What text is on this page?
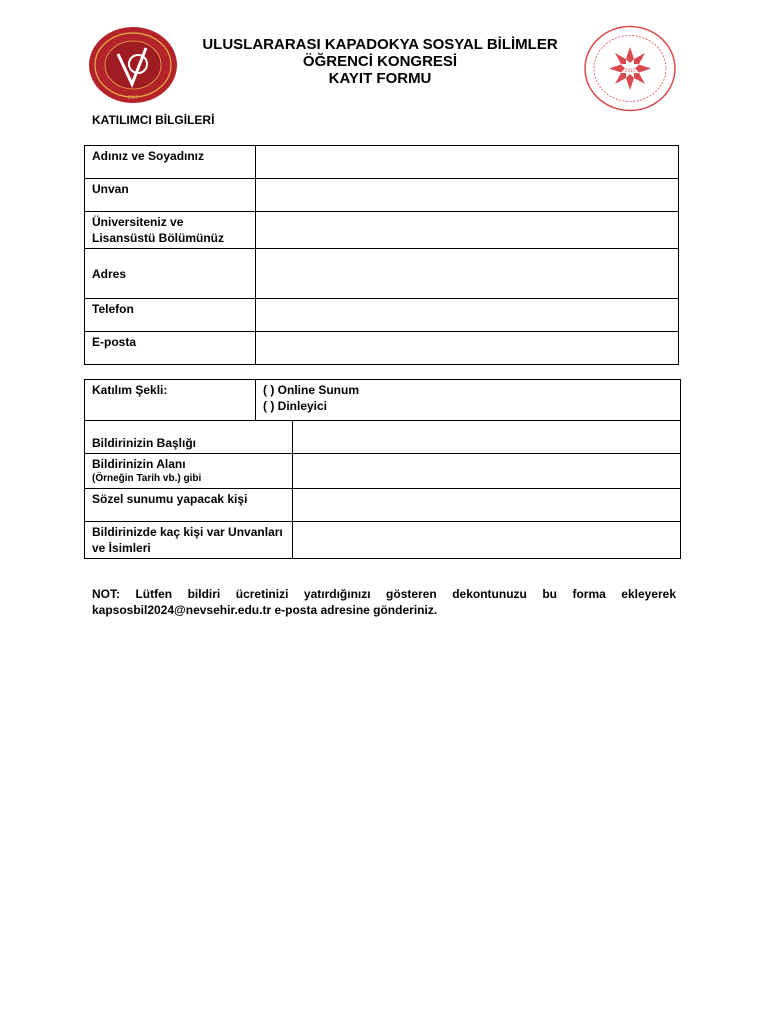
2007
2015
ULUSLARARASI KAPADOKYA SOSYAL BİLİMLER
ÖĞRENCİ KONGRESİ
KAYIT FORMU
KATILIMCI BİLGİLERİ
Adınız ve Soyadınız	
Unvan	
Üniversiteniz ve Lisansüstü Bölümünüz	
Adres	
Telefon	
E-posta	
Katılım Şekli:	( ) Online Sunum
( ) Dinleyici	

Bildirinizin Başlığı		
Bildirinizin Alanı
(Örneğin Tarih vb.) gibi		

Sözel sunumu yapacak kişi		
Bildirinizde kaç kişi var Unvanları ve İsimleri		
NOT: Lütfen bildiri ücretinizi yatırdığınızı gösteren dekontunuzu bu forma ekleyerek kapsosbil2024@nevsehir.edu.tr e-posta adresine gönderiniz.
